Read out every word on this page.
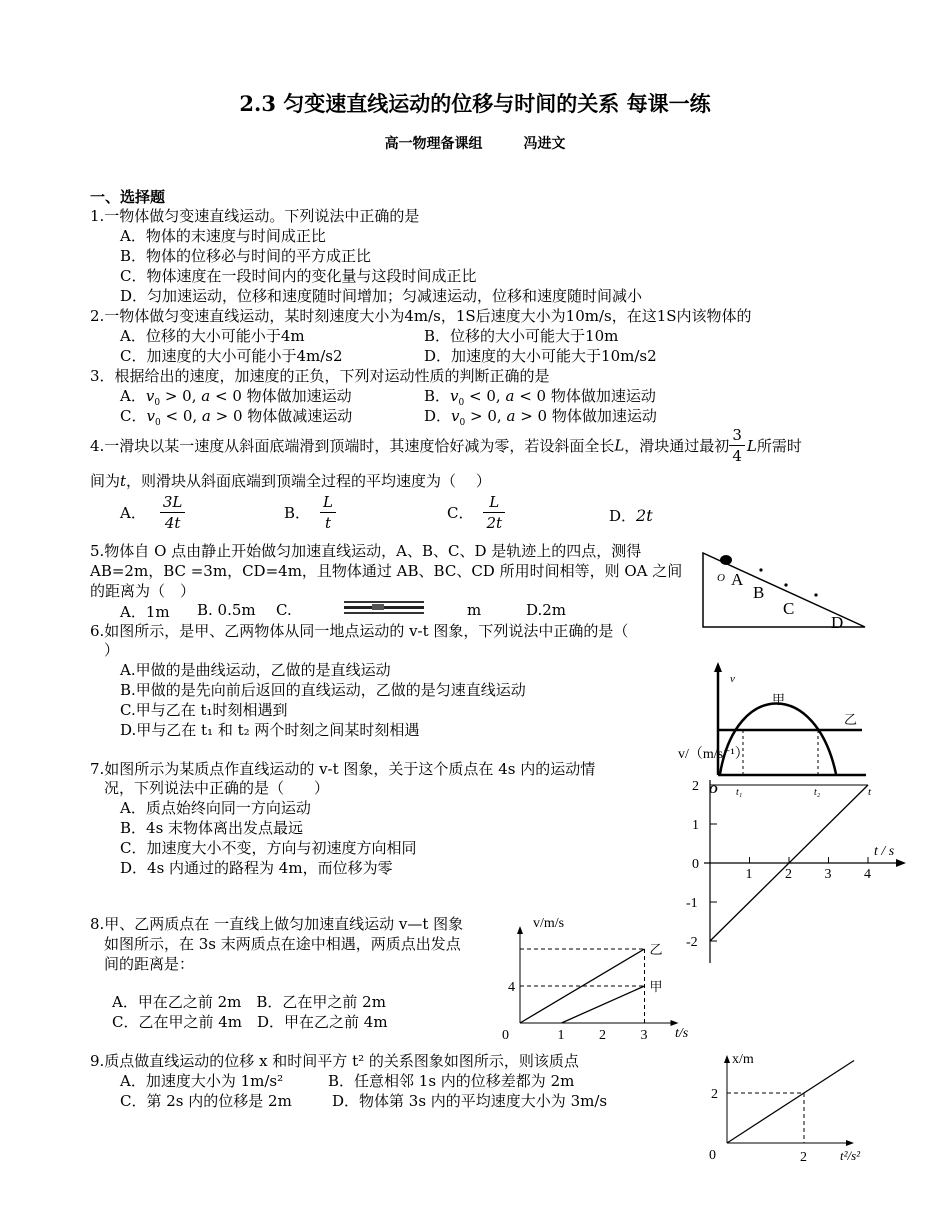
2.3 匀变速直线运动的位移与时间的关系 每课一练
高一物理备课组	冯进文
一、选择题
1.一物体做匀变速直线运动。下列说法中正确的是
A．物体的末速度与时间成正比
B．物体的位移必与时间的平方成正比
C．物体速度在一段时间内的变化量与这段时间成正比
D．匀加速运动，位移和速度随时间增加；匀减速运动，位移和速度随时间减小
2.一物体做匀变速直线运动，某时刻速度大小为4m/s，1S后速度大小为10m/s，在这1S内该物体的
A．位移的大小可能小于4m	B．位移的大小可能大于10m
C．加速度的大小可能小于4m/s2	D．加速度的大小可能大于10m/s2
3．根据给出的速度，加速度的正负，下列对运动性质的判断正确的是
A．$v_0 > 0$, a < 0 物体做加速运动	B．$v_0 < 0$, a < 0 物体做加速运动
C．$v_0 < 0$, a > 0 物体做减速运动	D．$v_0 > 0$, a > 0 物体做加速运动
4.一滑块以某一速度从斜面底端滑到顶端时，其速度恰好减为零，若设斜面全长L，滑块通过最初 $\frac{3}{4}$ L所需时
间为t，则滑块从斜面底端到顶端全过程的平均速度为（　 ）
A． $\frac{3L}{4t}$	B． $\frac{L}{t}$	C． $\frac{L}{2t}$	D．2t
5.物体自 O 点由静止开始做匀加速直线运动，A、B、C、D 是轨迹上的四点，测得
AB=2m，BC =3m，CD=4m，且物体通过 AB、BC、CD 所用时间相等，则 OA 之间
的距离为（　）
A．1m B. 0.5m C.	m	D.2m
O A
B
C
D
6.如图所示，是甲、乙两物体从同一地点运动的 v-t 图象，下列说法中正确的是（
）
A.甲做的是曲线运动，乙做的是直线运动
B.甲做的是先向前后返回的直线运动，乙做的是匀速直线运动
C.甲与乙在 t₁时刻相遇到
D.甲与乙在 t₁ 和 t₂ 两个时刻之间某时刻相遇
v
甲
乙
O t₁	t₂	t
7.如图所示为某质点作直线运动的 v-t 图象，关于这个质点在 4s 内的运动情
况，下列说法中正确的是（　　）
A．质点始终向同一方向运动
B．4s 末物体离出发点最远
C．加速度大小不变，方向与初速度方向相同
D．4s 内通过的路程为 4m，而位移为零
v/（m/s⁻¹）
2
1
0
-1
-2
1 2 3 4
t / s
8.甲、乙两质点在 一直线上做匀加速直线运动 v—t 图象
如图所示，在 3s 末两质点在途中相遇，两质点出发点
间的距离是：
A．甲在乙之前 2m　B．乙在甲之前 2m
C．乙在甲之前 4m　D．甲在乙之前 4m
v/m/s
t/s
4
0	1 2 3
乙
甲
9.质点做直线运动的位移 x 和时间平方 t² 的关系图象如图所示，则该质点
A．加速度大小为 1m/s²	B．任意相邻 1s 内的位移差都为 2m
C．第 2s 内的位移是 2m	D．物体第 3s 内的平均速度大小为 3m/s
x/m
t²/s²
2
0	2
